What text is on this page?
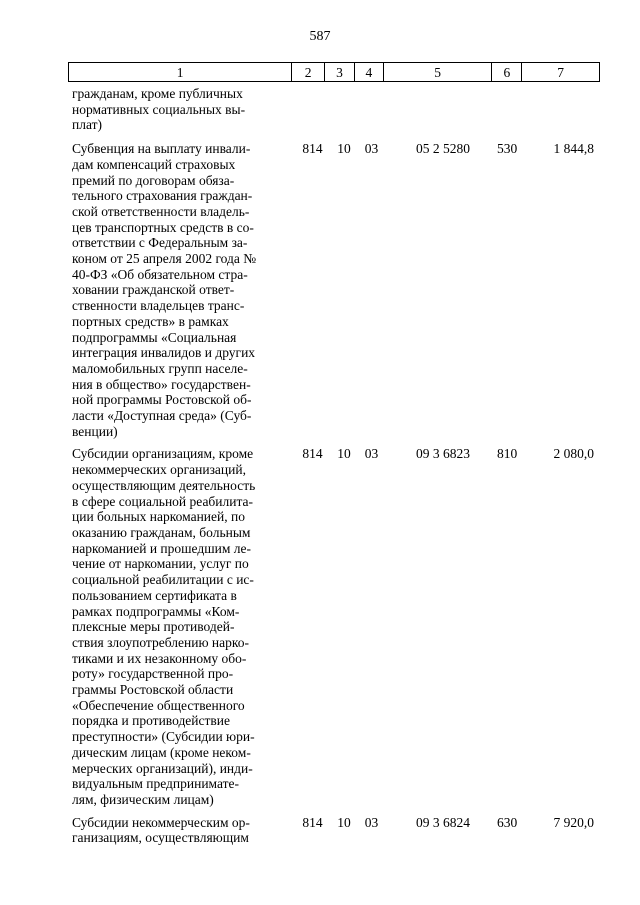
587
1	2	3	4	5	6	7
гражданам, кроме публичных
нормативных социальных вы-
плат)
Субвенция на выплату инвали-
дам компенсаций страховых
премий по договорам обяза-
тельного страхования граждан-
ской ответственности владель-
цев транспортных средств в со-
ответствии с Федеральным за-
коном от 25 апреля 2002 года №
40-ФЗ «Об обязательном стра-
ховании гражданской ответ-
ственности владельцев транс-
портных средств» в рамках
подпрограммы «Социальная
интеграция инвалидов и других
маломобильных групп населе-
ния в общество» государствен-
ной программы Ростовской об-
ласти «Доступная среда» (Суб-
венции)
814	10	03	05 2 5280	530	1 844,8
Субсидии организациям, кроме
некоммерческих организаций,
осуществляющим деятельность
в сфере социальной реабилита-
ции больных наркоманией, по
оказанию гражданам, больным
наркоманией и прошедшим ле-
чение от наркомании, услуг по
социальной реабилитации с ис-
пользованием сертификата в
рамках подпрограммы «Ком-
плексные меры противодей-
ствия злоупотреблению нарко-
тиками и их незаконному обо-
роту» государственной про-
граммы Ростовской области
«Обеспечение общественного
порядка и противодействие
преступности» (Субсидии юри-
дическим лицам (кроме неком-
мерческих организаций), инди-
видуальным предпринимате-
лям, физическим лицам)
814	10	03	09 3 6823	810	2 080,0
Субсидии некоммерческим ор-
ганизациям, осуществляющим
814	10	03	09 3 6824	630	7 920,0
